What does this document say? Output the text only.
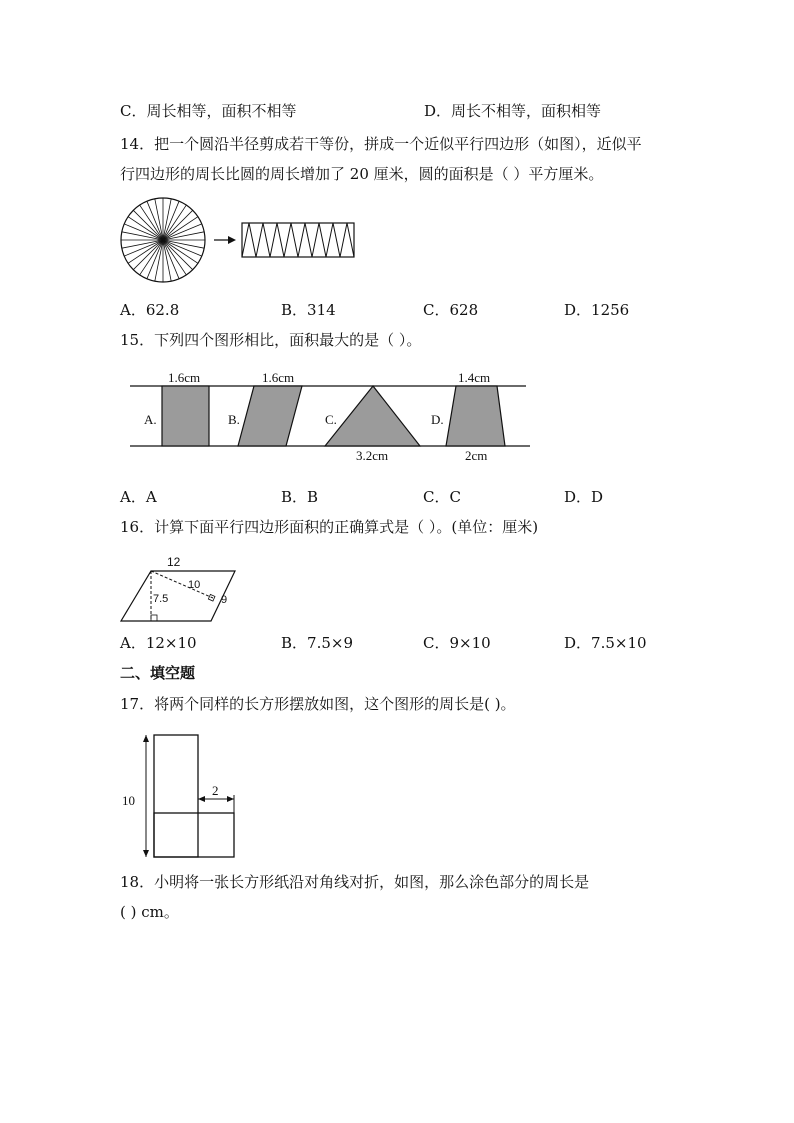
C．周长相等，面积不相等	D．周长不相等，面积相等
14．把一个圆沿半径剪成若干等份，拼成一个近似平行四边形（如图），近似平
行四边形的周长比圆的周长增加了 20 厘米，圆的面积是（ ）平方厘米。
A．62.8	B．314	C．628	D．1256
15．下列四个图形相比，面积最大的是（ ）。
A.
1.6cm
B.
1.6cm
C.
3.2cm
D.
1.4cm
2cm
A．A	B．B	C．C	D．D
16．计算下面平行四边形面积的正确算式是（ ）。(单位：厘米)
12
10
7.5	9
A．12×10	B．7.5×9	C．9×10	D．7.5×10
二、填空题
17．将两个同样的长方形摆放如图，这个图形的周长是( )。
10
2
18．小明将一张长方形纸沿对角线对折，如图，那么涂色部分的周长是
( ) cm。
